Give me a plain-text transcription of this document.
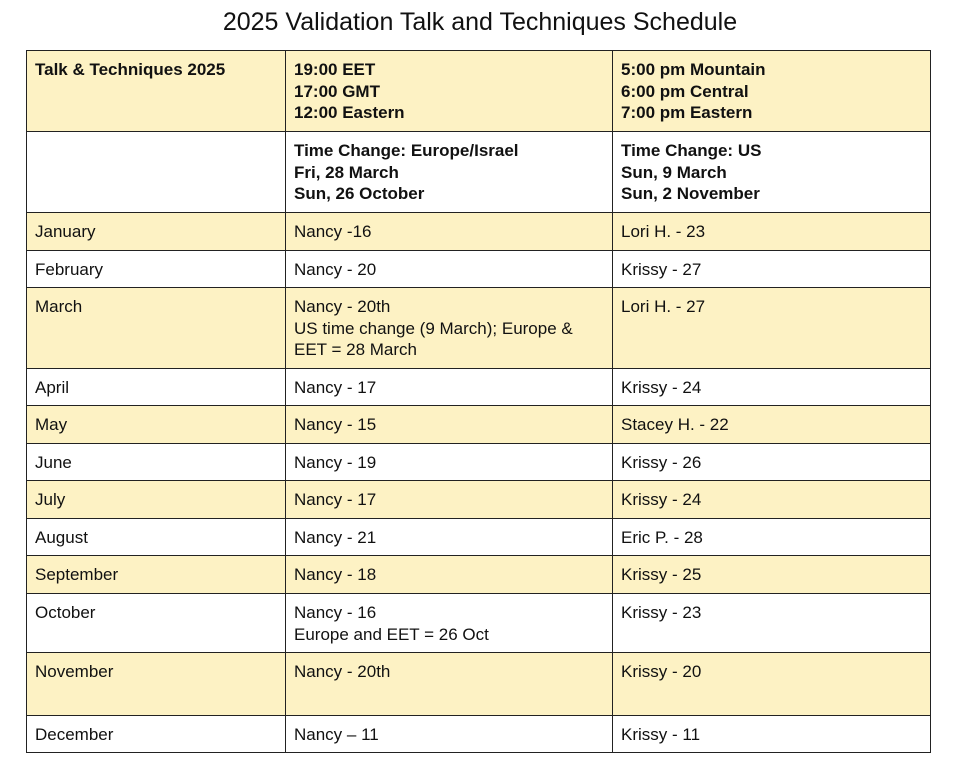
2025 Validation Talk and Techniques Schedule
Talk & Techniques 2025	19:00 EET
17:00 GMT
12:00 Eastern	5:00 pm Mountain
6:00 pm Central
7:00 pm Eastern

	Time Change: Europe/Israel
Fri, 28 March
Sun, 26 October	Time Change: US
Sun, 9 March
Sun, 2 November

January	Nancy -16	Lori H. - 23

February	Nancy - 20	Krissy - 27

March	Nancy - 20th
US time change (9 March); Europe & EET = 28 March	Lori H. - 27

April	Nancy - 17	Krissy - 24

May	Nancy - 15	Stacey H. - 22

June	Nancy - 19	Krissy - 26

July	Nancy - 17	Krissy - 24

August	Nancy - 21	Eric P. - 28

September	Nancy - 18	Krissy - 25

October	Nancy - 16
Europe and EET = 26 Oct	Krissy - 23

November	Nancy - 20th	Krissy - 20

December	Nancy – 11	Krissy - 11
